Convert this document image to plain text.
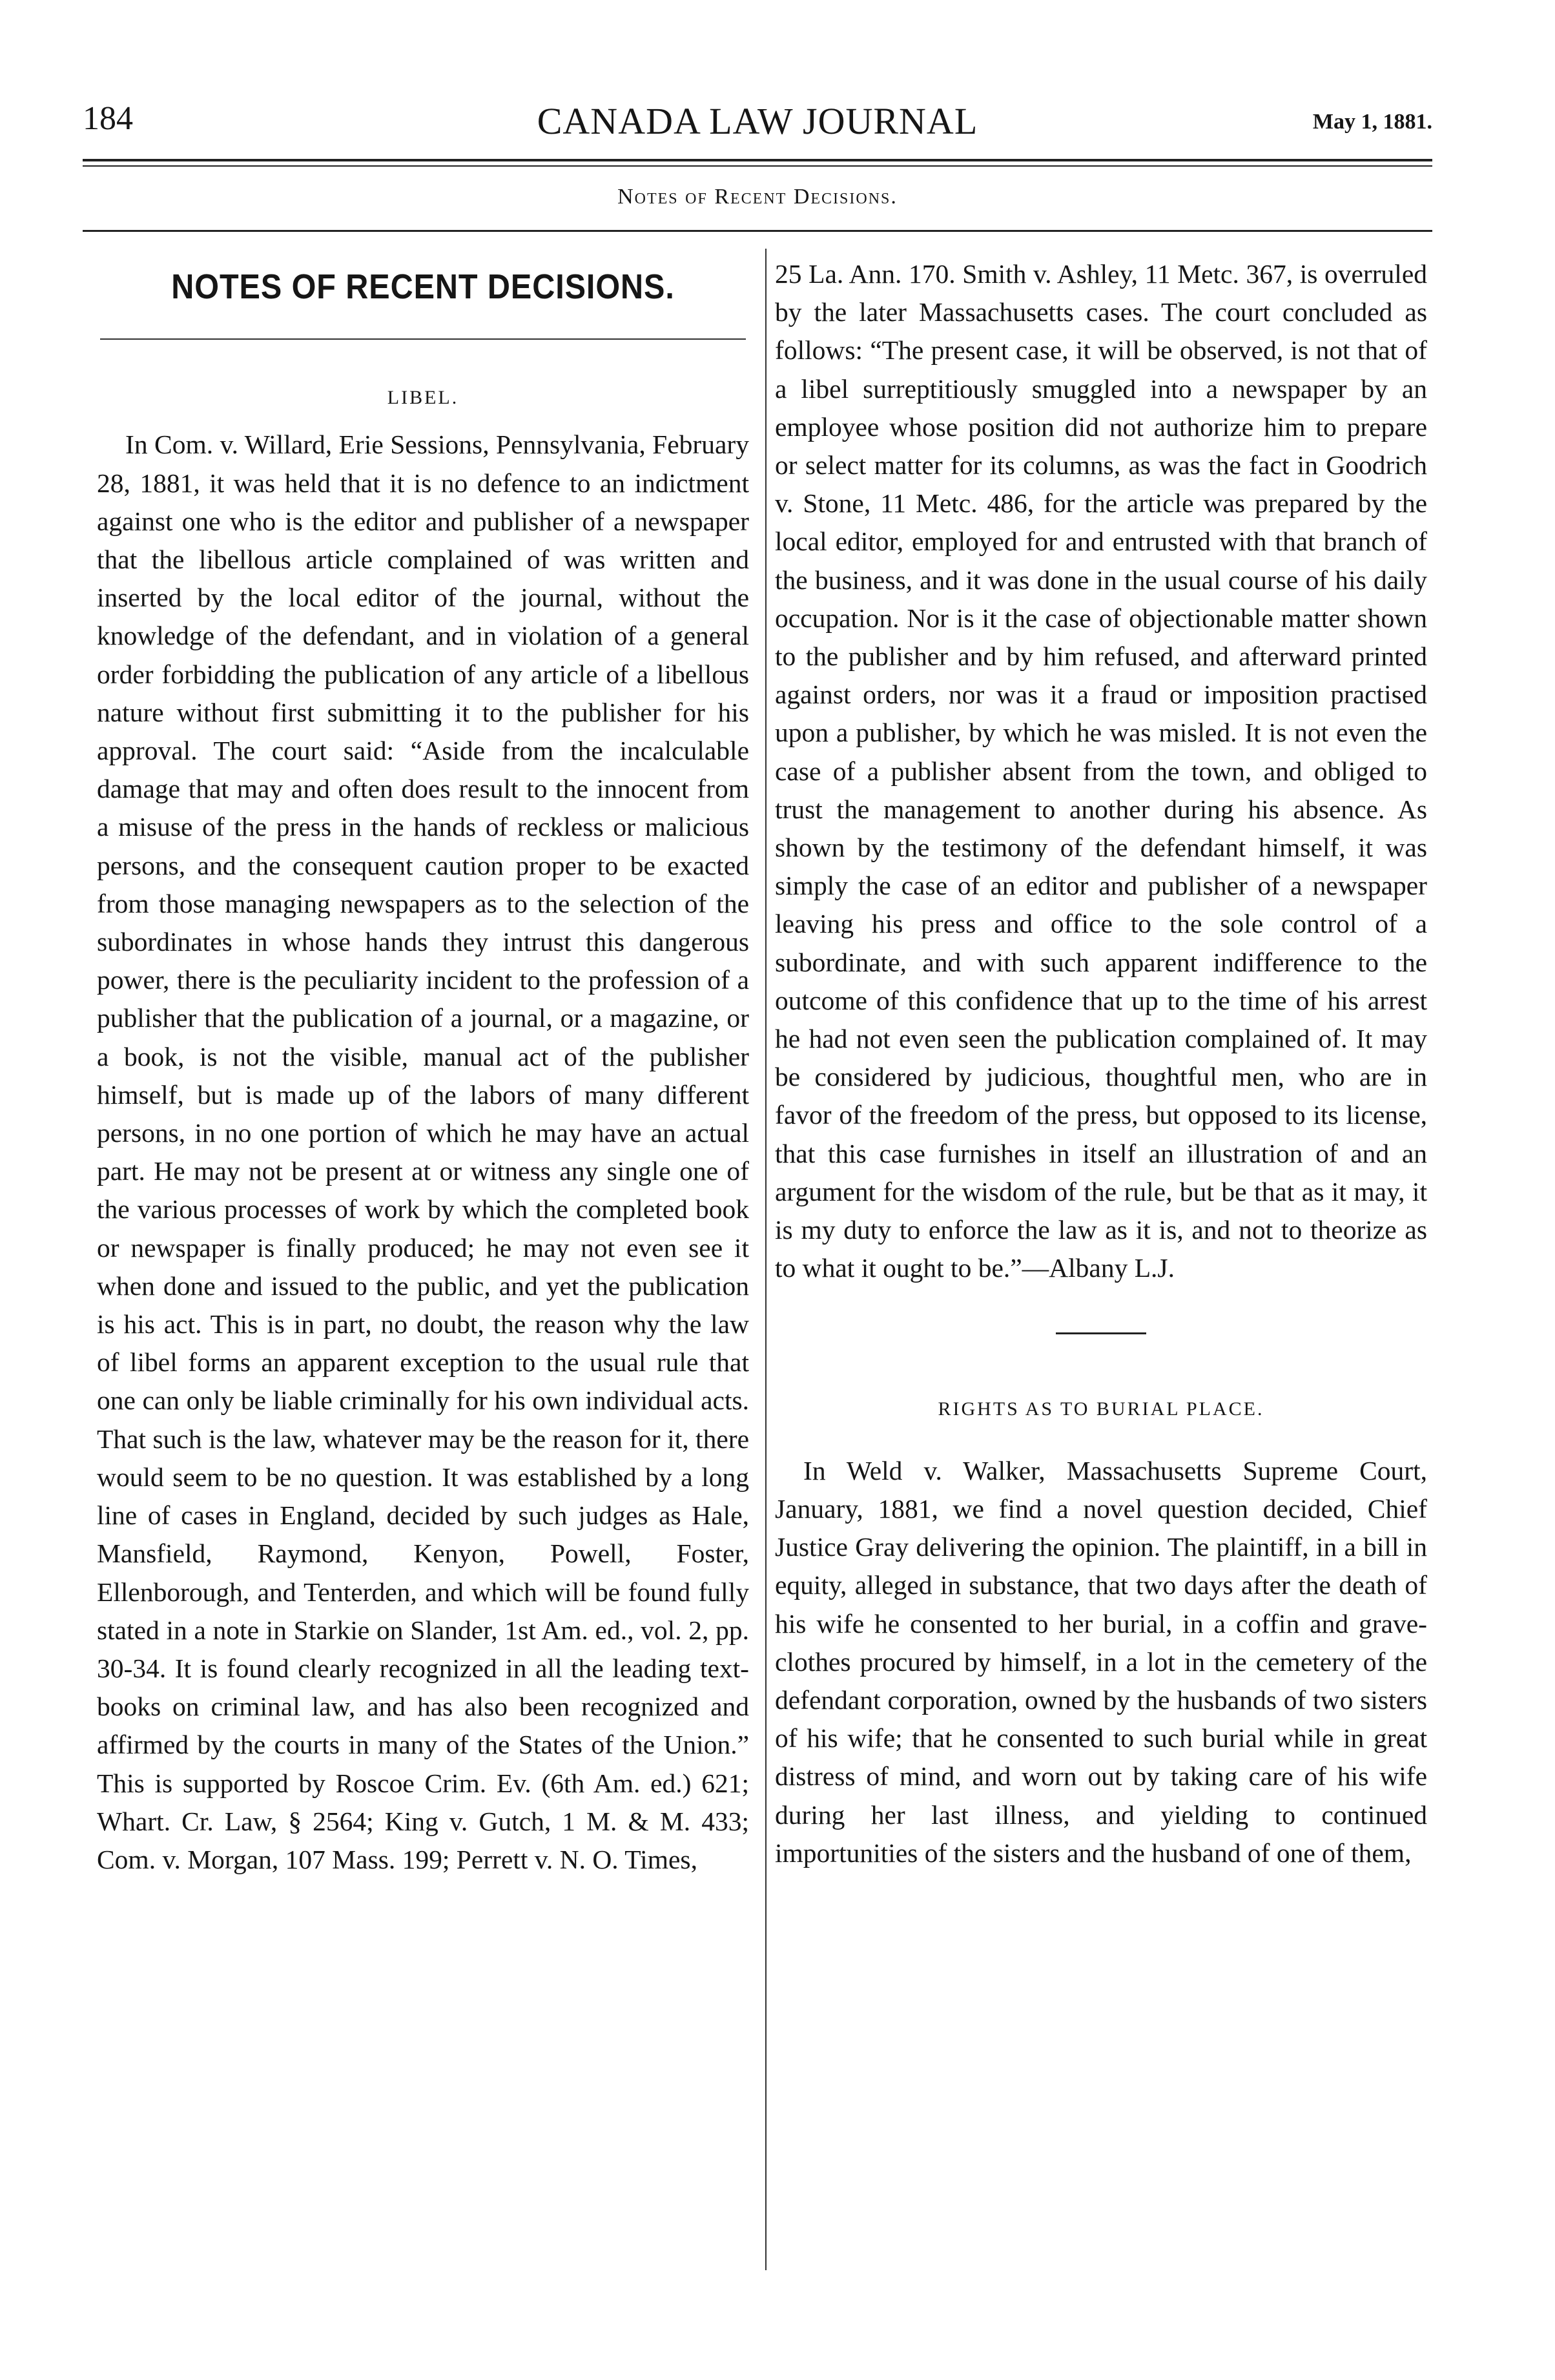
184	CANADA LAW JOURNAL	May 1, 1881.
Notes of Recent Decisions.
NOTES OF RECENT DECISIONS.
LIBEL.

In Com. v. Willard, Erie Sessions, Pennsylvania, February 28, 1881, it was held that it is no defence to an indictment against one who is the editor and publisher of a newspaper that the libellous article complained of was written and inserted by the local editor of the journal, without the knowledge of the defendant, and in violation of a general order forbidding the publication of any article of a libellous nature without first submitting it to the publisher for his approval. The court said: “Aside from the incalculable damage that may and often does result to the innocent from a misuse of the press in the hands of reckless or malicious persons, and the consequent caution proper to be exacted from those managing newspapers as to the selection of the subordinates in whose hands they intrust this dangerous power, there is the peculiarity incident to the profession of a publisher that the publication of a journal, or a magazine, or a book, is not the visible, manual act of the publisher himself, but is made up of the labors of many different persons, in no one portion of which he may have an actual part. He may not be present at or witness any single one of the various processes of work by which the completed book or newspaper is finally produced; he may not even see it when done and issued to the public, and yet the publication is his act. This is in part, no doubt, the reason why the law of libel forms an apparent exception to the usual rule that one can only be liable criminally for his own individual acts. That such is the law, whatever may be the reason for it, there would seem to be no question. It was established by a long line of cases in England, decided by such judges as Hale, Mansfield, Raymond, Kenyon, Powell, Foster, Ellenborough, and Tenterden, and which will be found fully stated in a note in Starkie on Slander, 1st Am. ed., vol. 2, pp. 30-34. It is found clearly recognized in all the leading text-books on criminal law, and has also been recognized and affirmed by the courts in many of the States of the Union.” This is supported by Roscoe Crim. Ev. (6th Am. ed.) 621; Whart. Cr. Law, § 2564; King v. Gutch, 1 M. & M. 433; Com. v. Morgan, 107 Mass. 199; Perrett v. N. O. Times,

25 La. Ann. 170. Smith v. Ashley, 11 Metc. 367, is overruled by the later Massachusetts cases. The court concluded as follows: “The present case, it will be observed, is not that of a libel surreptitiously smuggled into a newspaper by an employee whose position did not authorize him to prepare or select matter for its columns, as was the fact in Goodrich v. Stone, 11 Metc. 486, for the article was prepared by the local editor, employed for and entrusted with that branch of the business, and it was done in the usual course of his daily occupation. Nor is it the case of objectionable matter shown to the publisher and by him refused, and afterward printed against orders, nor was it a fraud or imposition practised upon a publisher, by which he was misled. It is not even the case of a publisher absent from the town, and obliged to trust the management to another during his absence. As shown by the testimony of the defendant himself, it was simply the case of an editor and publisher of a newspaper leaving his press and office to the sole control of a subordinate, and with such apparent indifference to the outcome of this confidence that up to the time of his arrest he had not even seen the publication complained of. It may be considered by judicious, thoughtful men, who are in favor of the freedom of the press, but opposed to its license, that this case furnishes in itself an illustration of and an argument for the wisdom of the rule, but be that as it may, it is my duty to enforce the law as it is, and not to theorize as to what it ought to be.”—Albany L.J.

RIGHTS AS TO BURIAL PLACE.

In Weld v. Walker, Massachusetts Supreme Court, January, 1881, we find a novel question decided, Chief Justice Gray delivering the opinion. The plaintiff, in a bill in equity, alleged in substance, that two days after the death of his wife he consented to her burial, in a coffin and grave-clothes procured by himself, in a lot in the cemetery of the defendant corporation, owned by the husbands of two sisters of his wife; that he consented to such burial while in great distress of mind, and worn out by taking care of his wife during her last illness, and yielding to continued importunities of the sisters and the husband of one of them,
